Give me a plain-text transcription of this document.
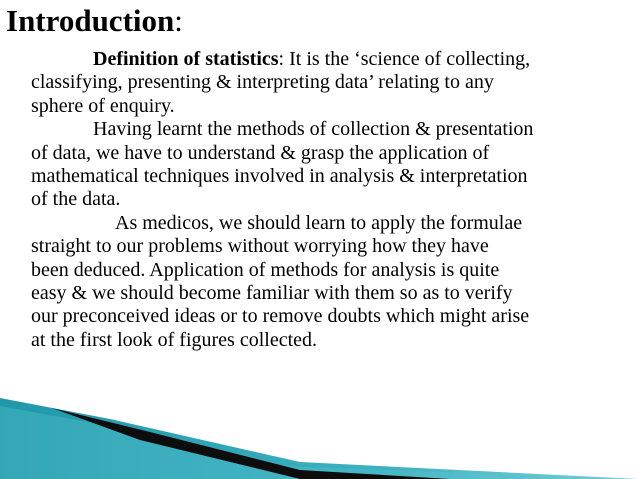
Introduction:
Definition of statistics: It is the ‘science of collecting,
classifying, presenting & interpreting data’ relating to any
sphere of enquiry.
Having learnt the methods of collection & presentation
of data, we have to understand & grasp the application of
mathematical techniques involved in analysis & interpretation
of the data.
As medicos, we should learn to apply the formulae
straight to our problems without worrying how they have
been deduced. Application of methods for analysis is quite
easy & we should become familiar with them so as to verify
our preconceived ideas or to remove doubts which might arise
at the first look of figures collected.
